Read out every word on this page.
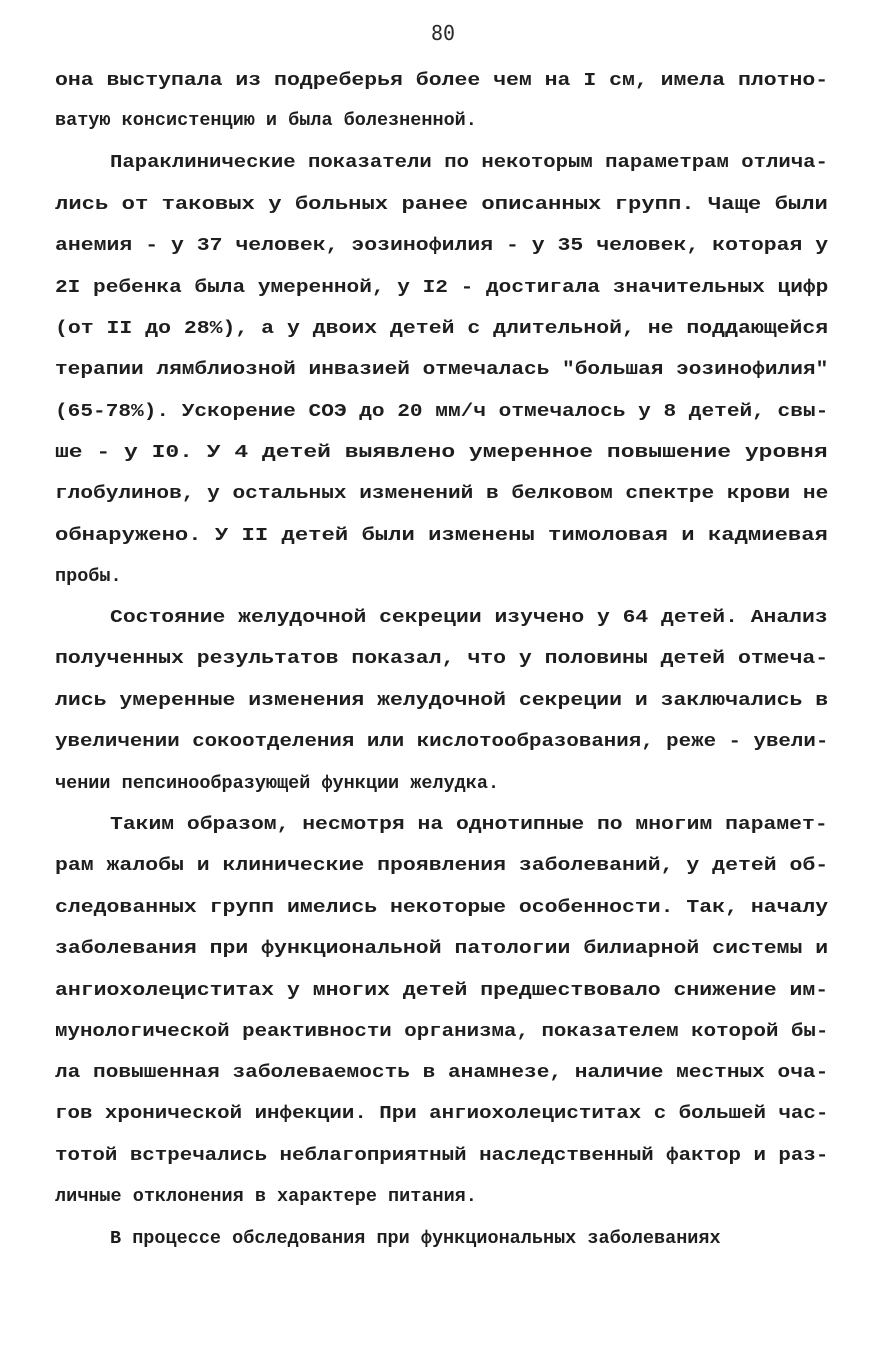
80
она выступала из подреберья более чем на I см, имела плотно-
ватую консистенцию и была болезненной.
Параклинические показатели по некоторым параметрам отлича-
лись от таковых у больных ранее описанных групп. Чаще были
анемия - у 37 человек, эозинофилия - у 35 человек, которая у
2I ребенка была умеренной, у I2 - достигала значительных цифр
(от II до 28%), а у двоих детей с длительной, не поддающейся
терапии лямблиозной инвазией отмечалась "большая эозинофилия"
(65-78%). Ускорение СОЭ до 20 мм/ч отмечалось у 8 детей, свы-
ше - у I0. У 4 детей выявлено умеренное повышение уровня
глобулинов, у остальных изменений в белковом спектре крови не
обнаружено. У II детей были изменены тимоловая и кадмиевая
пробы.
Состояние желудочной секреции изучено у 64 детей. Анализ
полученных результатов показал, что у половины детей отмеча-
лись умеренные изменения желудочной секреции и заключались в
увеличении сокоотделения или кислотообразования, реже - увели-
чении пепсинообразующей функции желудка.
Таким образом, несмотря на однотипные по многим парамет-
рам жалобы и клинические проявления заболеваний, у детей об-
следованных групп имелись некоторые особенности. Так, началу
заболевания при функциональной патологии билиарной системы и
ангиохолециститах у многих детей предшествовало снижение им-
мунологической реактивности организма, показателем которой бы-
ла повышенная заболеваемость в анамнезе, наличие местных оча-
гов хронической инфекции. При ангиохолециститах с большей час-
тотой встречались неблагоприятный наследственный фактор и раз-
личные отклонения в характере питания.
В процессе обследования при функциональных заболеваниях
